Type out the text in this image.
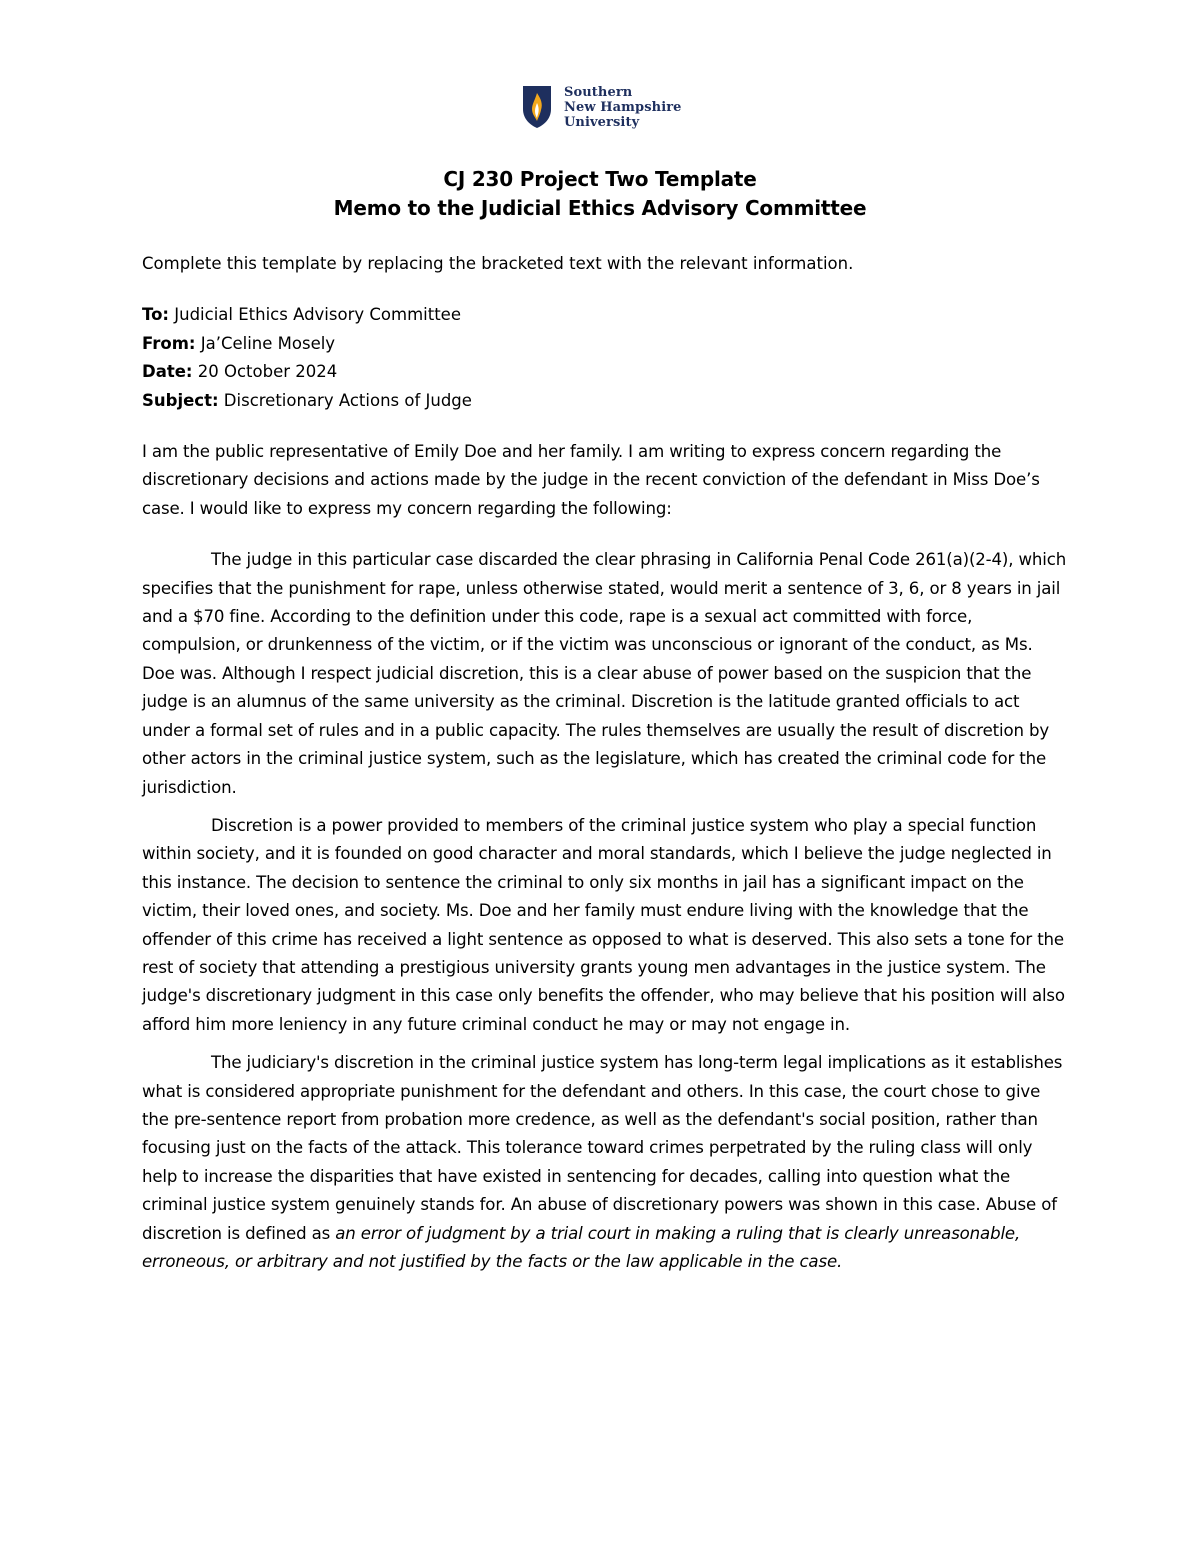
Southern
New Hampshire
University
CJ 230 Project Two Template
Memo to the Judicial Ethics Advisory Committee

Complete this template by replacing the bracketed text with the relevant information.

To: Judicial Ethics Advisory Committee
From: Ja’Celine Mosely
Date: 20 October 2024
Subject: Discretionary Actions of Judge

I am the public representative of Emily Doe and her family. I am writing to express concern regarding the discretionary decisions and actions made by the judge in the recent conviction of the defendant in Miss Doe’s case. I would like to express my concern regarding the following:

The judge in this particular case discarded the clear phrasing in California Penal Code 261(a)(2-4), which specifies that the punishment for rape, unless otherwise stated, would merit a sentence of 3, 6, or 8 years in jail and a $70 fine. According to the definition under this code, rape is a sexual act committed with force, compulsion, or drunkenness of the victim, or if the victim was unconscious or ignorant of the conduct, as Ms. Doe was. Although I respect judicial discretion, this is a clear abuse of power based on the suspicion that the judge is an alumnus of the same university as the criminal. Discretion is the latitude granted officials to act under a formal set of rules and in a public capacity. The rules themselves are usually the result of discretion by other actors in the criminal justice system, such as the legislature, which has created the criminal code for the jurisdiction.

Discretion is a power provided to members of the criminal justice system who play a special function within society, and it is founded on good character and moral standards, which I believe the judge neglected in this instance. The decision to sentence the criminal to only six months in jail has a significant impact on the victim, their loved ones, and society. Ms. Doe and her family must endure living with the knowledge that the offender of this crime has received a light sentence as opposed to what is deserved. This also sets a tone for the rest of society that attending a prestigious university grants young men advantages in the justice system. The judge's discretionary judgment in this case only benefits the offender, who may believe that his position will also afford him more leniency in any future criminal conduct he may or may not engage in.

The judiciary's discretion in the criminal justice system has long-term legal implications as it establishes what is considered appropriate punishment for the defendant and others. In this case, the court chose to give the pre-sentence report from probation more credence, as well as the defendant's social position, rather than focusing just on the facts of the attack. This tolerance toward crimes perpetrated by the ruling class will only help to increase the disparities that have existed in sentencing for decades, calling into question what the criminal justice system genuinely stands for. An abuse of discretionary powers was shown in this case. Abuse of discretion is defined as an error of judgment by a trial court in making a ruling that is clearly unreasonable, erroneous, or arbitrary and not justified by the facts or the law applicable in the case.
